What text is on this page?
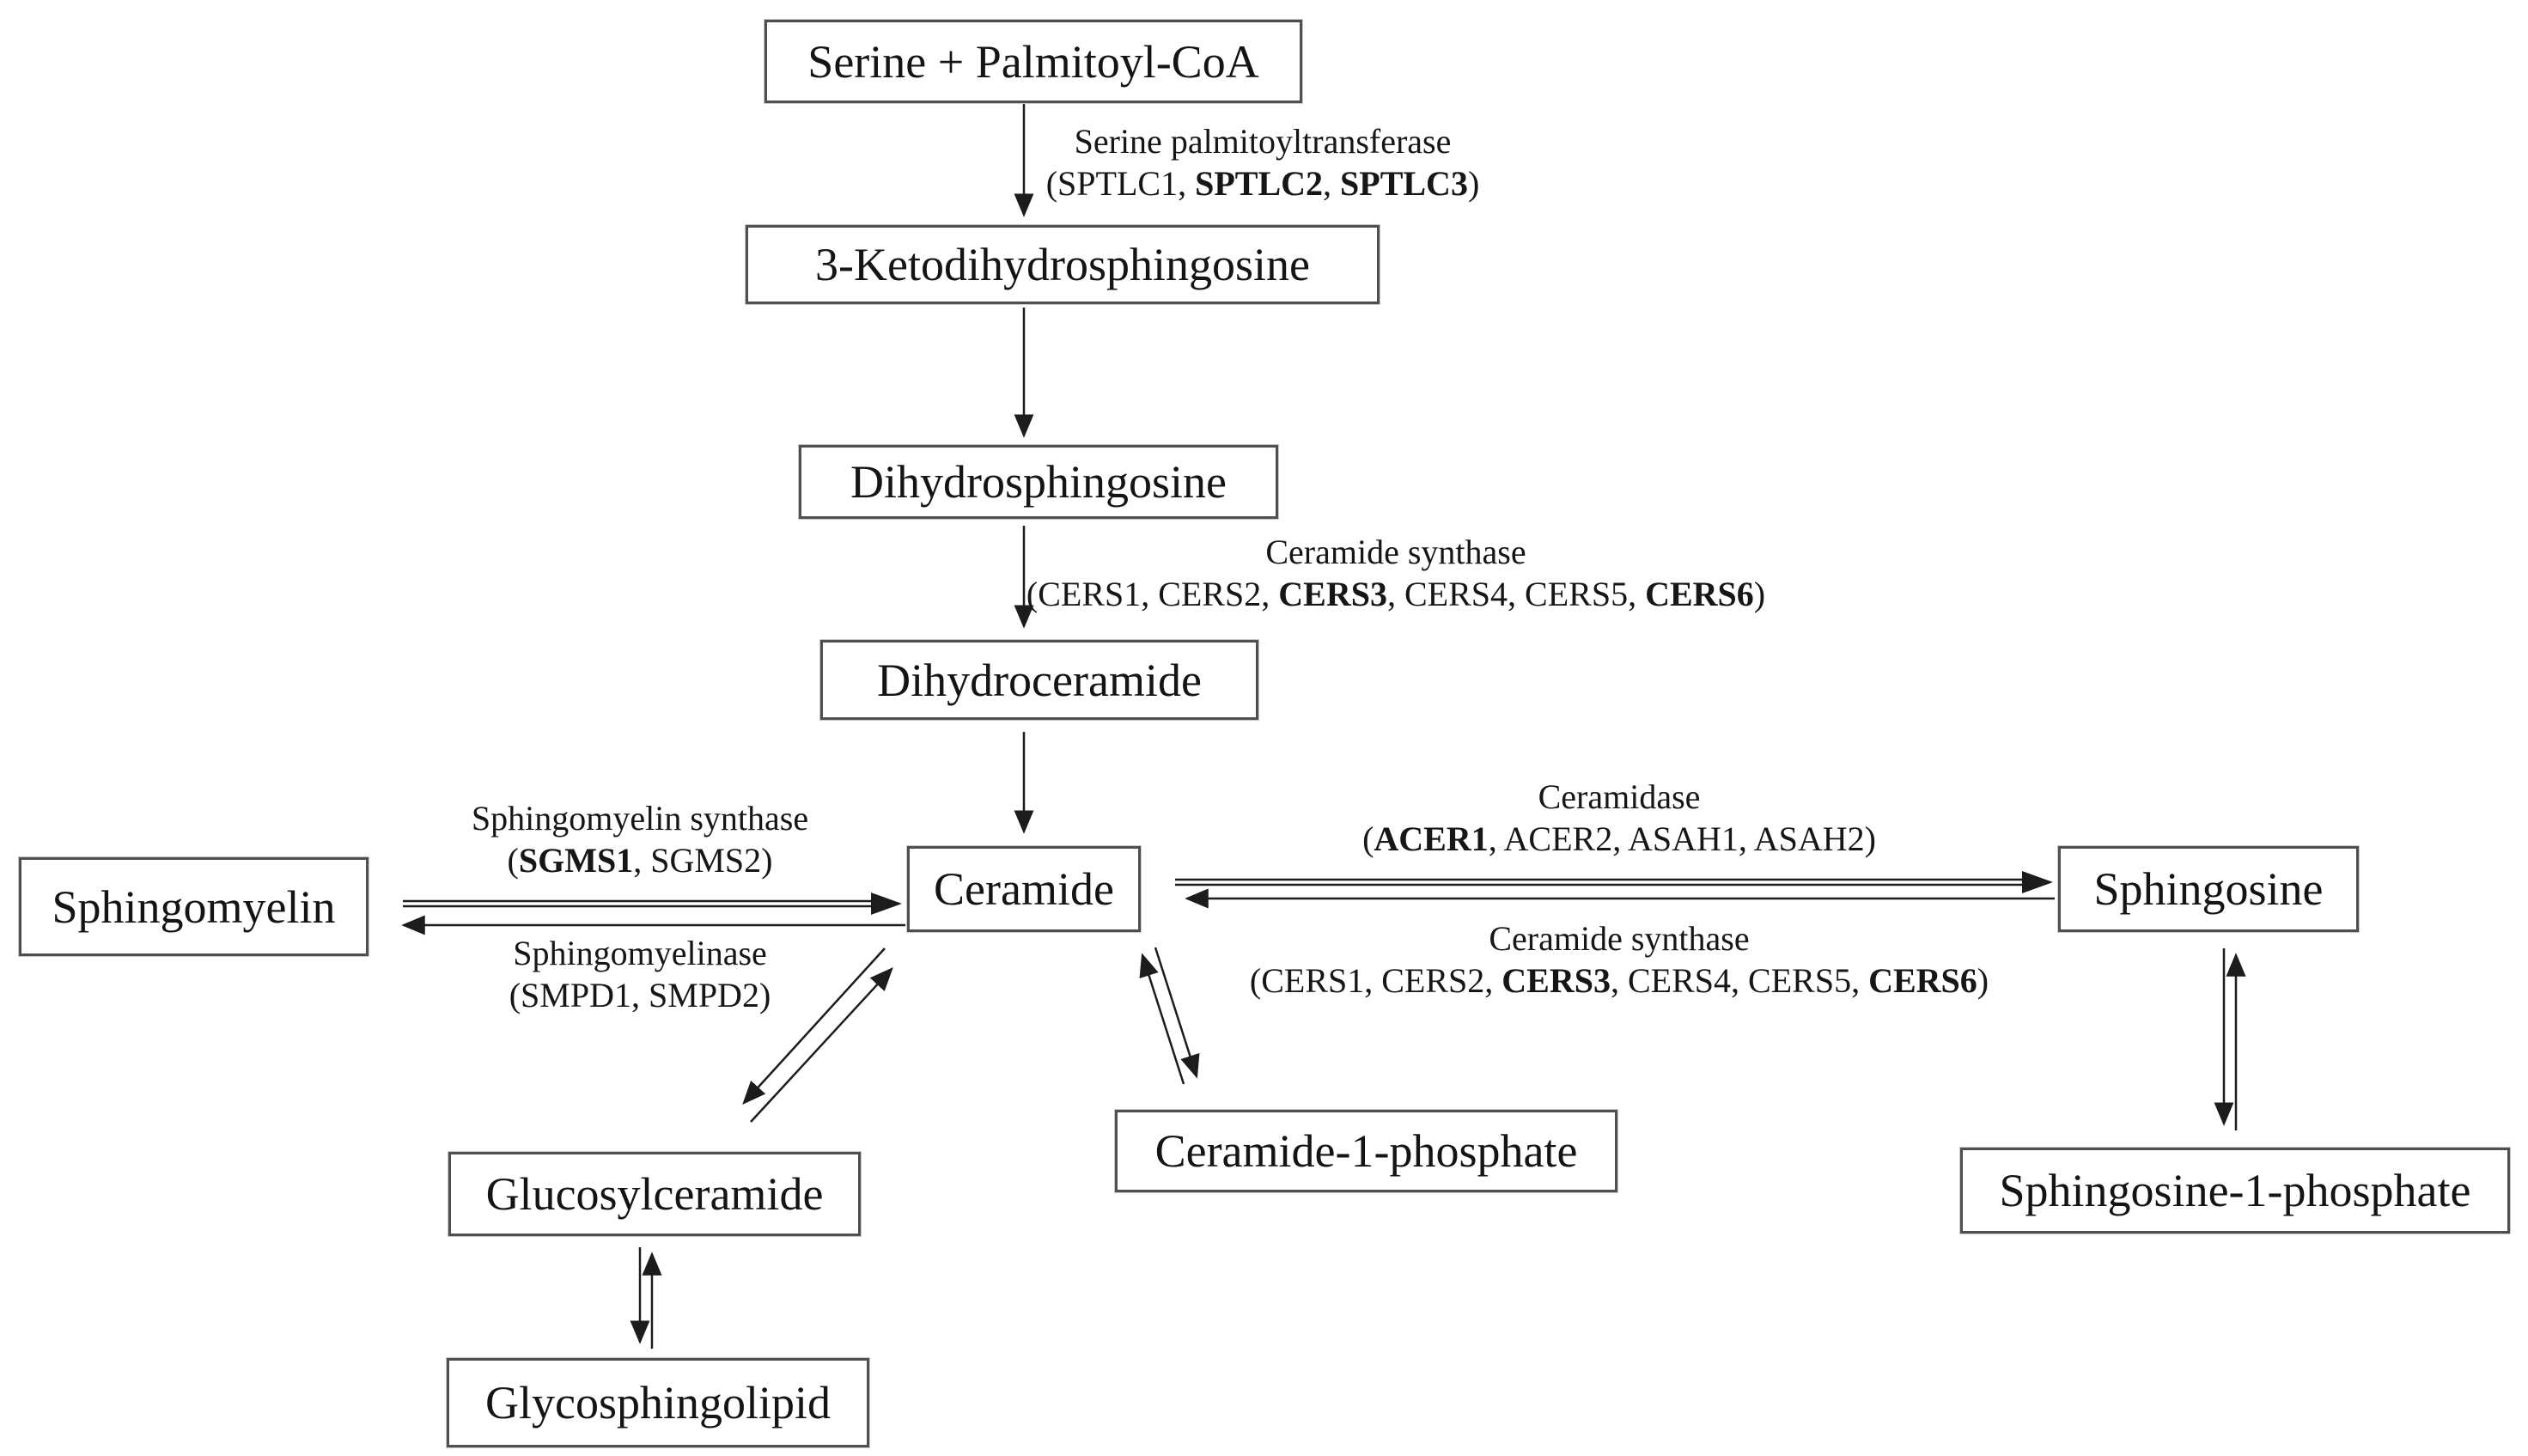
Serine + Palmitoyl-CoA
3-Ketodihydrosphingosine
Dihydrosphingosine
Dihydroceramide
Ceramide
Sphingomyelin	Sphingosine
Glucosylceramide
Glycosphingolipid
Ceramide-1-phosphate
Sphingosine-1-phosphate
Serine palmitoyltransferase
(SPTLC1, SPTLC2, SPTLC3)
Ceramide synthase
(CERS1, CERS2, CERS3, CERS4, CERS5, CERS6)
Sphingomyelin synthase
(SGMS1, SGMS2)
Sphingomyelinase
(SMPD1, SMPD2)
Ceramidase
(ACER1, ACER2, ASAH1, ASAH2)
Ceramide synthase
(CERS1, CERS2, CERS3, CERS4, CERS5, CERS6)
